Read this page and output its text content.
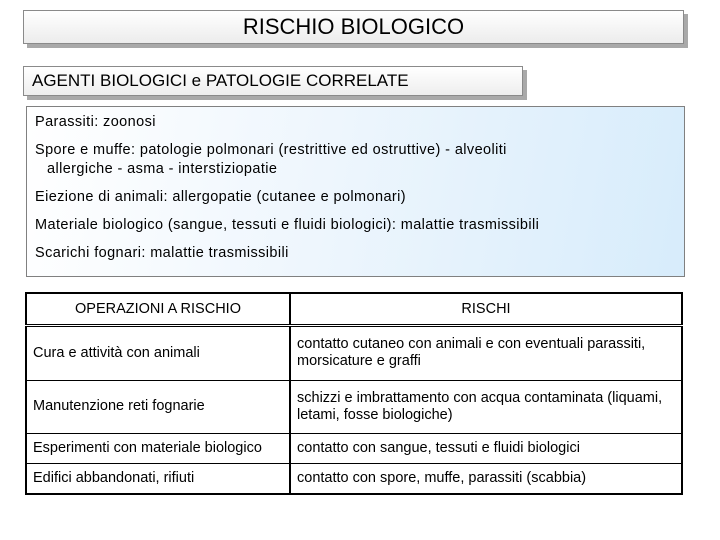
RISCHIO BIOLOGICO
AGENTI BIOLOGICI e PATOLOGIE CORRELATE
Parassiti: zoonosi
Spore e muffe: patologie polmonari (restrittive ed ostruttive) - alveoliti
allergiche - asma - interstiziopatie
Eiezione di animali: allergopatie (cutanee e polmonari)
Materiale biologico (sangue, tessuti e fluidi biologici): malattie trasmissibili
Scarichi fognari: malattie trasmissibili
OPERAZIONI A RISCHIO	RISCHI
Cura e attività con animali	contatto cutaneo con animali e con eventuali parassiti, morsicature e graffi
Manutenzione reti fognarie	schizzi e imbrattamento con acqua contaminata (liquami, letami, fosse biologiche)
Esperimenti con materiale biologico	contatto con sangue, tessuti e fluidi biologici
Edifici abbandonati, rifiuti	contatto con spore, muffe, parassiti (scabbia)
